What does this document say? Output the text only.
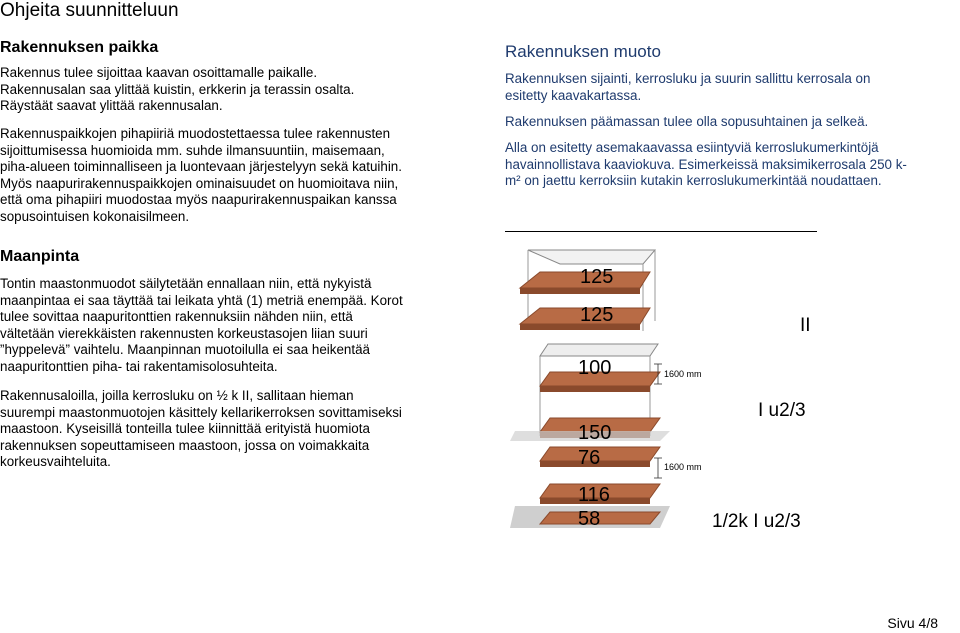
Ohjeita suunnitteluun
Rakennuksen paikka
Rakennus tulee sijoittaa kaavan osoittamalle paikalle.
Rakennusalan saa ylittää kuistin, erkkerin ja terassin osalta.
Räystäät saavat ylittää rakennusalan.
Rakennuspaikkojen pihapiiriä muodostettaessa tulee rakennusten
sijoittumisessa huomioida mm. suhde ilmansuuntiin, maisemaan,
piha-alueen toiminnalliseen ja luontevaan järjestelyyn sekä katuihin.
Myös naapurirakennuspaikkojen ominaisuudet on huomioitava niin,
että oma pihapiiri muodostaa myös naapurirakennuspaikan kanssa
sopusointuisen kokonaisilmeen.
Maanpinta
Tontin maastonmuodot säilytetään ennallaan niin, että nykyistä
maanpintaa ei saa täyttää tai leikata yhtä (1) metriä enempää. Korot
tulee sovittaa naapuritonttien rakennuksiin nähden niin, että
vältetään vierekkäisten rakennusten korkeustasojen liian suuri
”hyppelevä” vaihtelu. Maanpinnan muotoilulla ei saa heikentää
naapuritonttien piha- tai rakentamisolosuhteita.
Rakennusaloilla, joilla kerrosluku on ½ k II, sallitaan hieman
suurempi maastonmuotojen käsittely kellarikerroksen sovittamiseksi
maastoon. Kyseisillä tonteilla tulee kiinnittää erityistä huomiota
rakennuksen sopeuttamiseen maastoon, jossa on voimakkaita
korkeusvaihteluita.
Rakennuksen muoto
Rakennuksen sijainti, kerrosluku ja suurin sallittu kerrosala on
esitetty kaavakartassa.
Rakennuksen päämassan tulee olla sopusuhtainen ja selkeä.
Alla on esitetty asemakaavassa esiintyviä kerroslukumerkintöjä
havainnollistava kaaviokuva. Esimerkeissä maksimikerrosala 250 k-
m² on jaettu kerroksiin kutakin kerroslukumerkintää noudattaen.
125
125
100
150
76
116
58
1600 mm
1600 mm
II
I u2/3
1/2k I u2/3
Sivu 4/8
